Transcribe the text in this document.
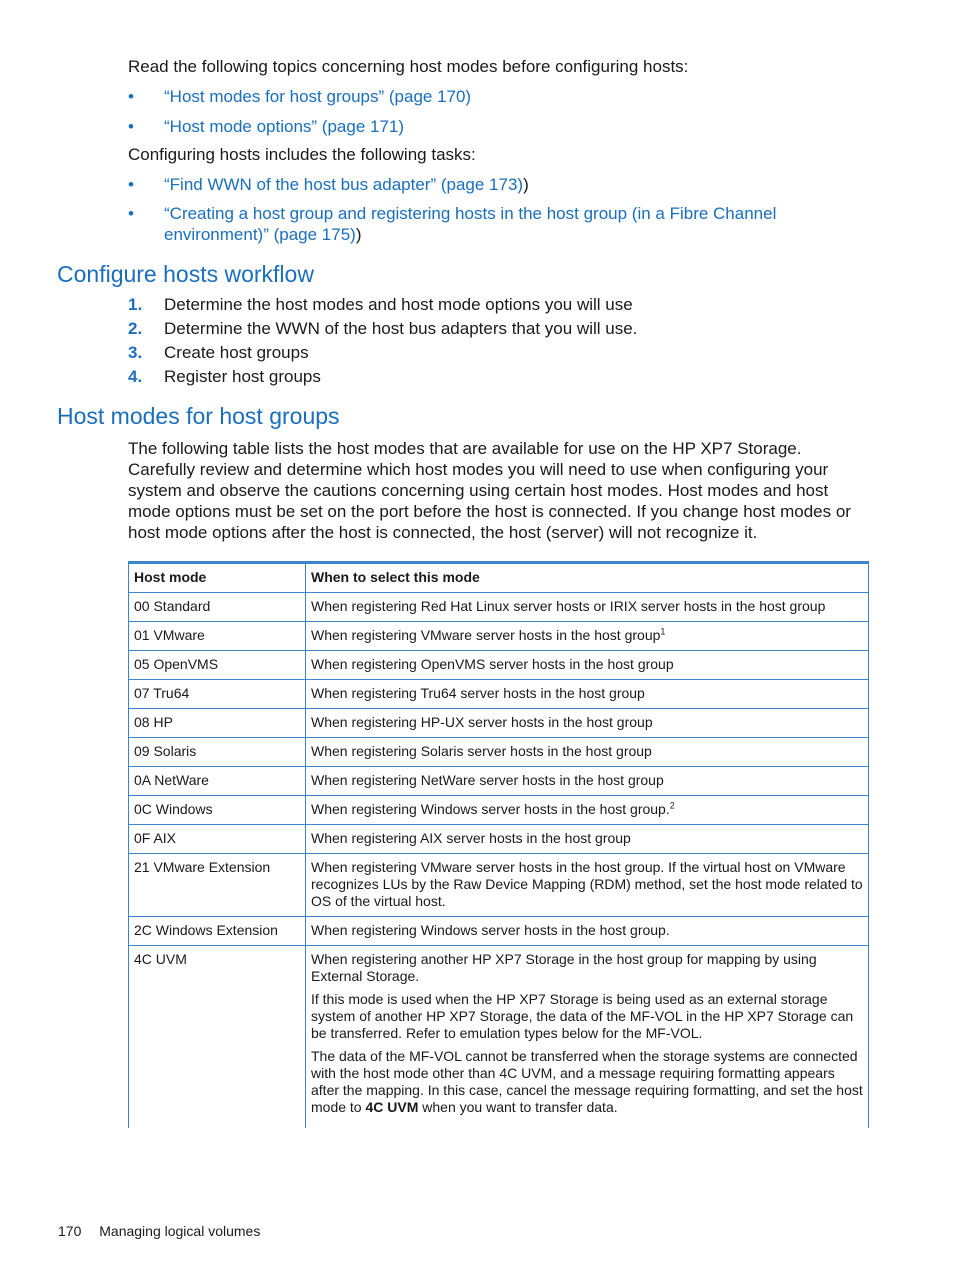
Read the following topics concerning host modes before configuring hosts:
• “Host modes for host groups” (page 170)
• “Host mode options” (page 171)
Configuring hosts includes the following tasks:
• “Find WWN of the host bus adapter” (page 173))
• “Creating a host group and registering hosts in the host group (in a Fibre Channel environment)” (page 175))
Configure hosts workflow
1. Determine the host modes and host mode options you will use
2. Determine the WWN of the host bus adapters that you will use.
3. Create host groups
4. Register host groups
Host modes for host groups

The following table lists the host modes that are available for use on the HP XP7 Storage. Carefully review and determine which host modes you will need to use when configuring your system and observe the cautions concerning using certain host modes. Host modes and host mode options must be set on the port before the host is connected. If you change host modes or host mode options after the host is connected, the host (server) will not recognize it.

Host mode	When to select this mode
00 Standard	When registering Red Hat Linux server hosts or IRIX server hosts in the host group
01 VMware	When registering VMware server hosts in the host group$^1$
05 OpenVMS	When registering OpenVMS server hosts in the host group
07 Tru64	When registering Tru64 server hosts in the host group
08 HP	When registering HP-UX server hosts in the host group
09 Solaris	When registering Solaris server hosts in the host group
0A NetWare	When registering NetWare server hosts in the host group
0C Windows	When registering Windows server hosts in the host group.$^2$
0F AIX	When registering AIX server hosts in the host group
21 VMware Extension	When registering VMware server hosts in the host group. If the virtual host on VMware recognizes LUs by the Raw Device Mapping (RDM) method, set the host mode related to OS of the virtual host.
2C Windows Extension	When registering Windows server hosts in the host group.
4C UVM	When registering another HP XP7 Storage in the host group for mapping by using External Storage.

If this mode is used when the HP XP7 Storage is being used as an external storage system of another HP XP7 Storage, the data of the MF-VOL in the HP XP7 Storage can be transferred. Refer to emulation types below for the MF-VOL.

The data of the MF-VOL cannot be transferred when the storage systems are connected with the host mode other than 4C UVM, and a message requiring formatting appears after the mapping. In this case, cancel the message requiring formatting, and set the host mode to 4C UVM when you want to transfer data.

170 Managing logical volumes
